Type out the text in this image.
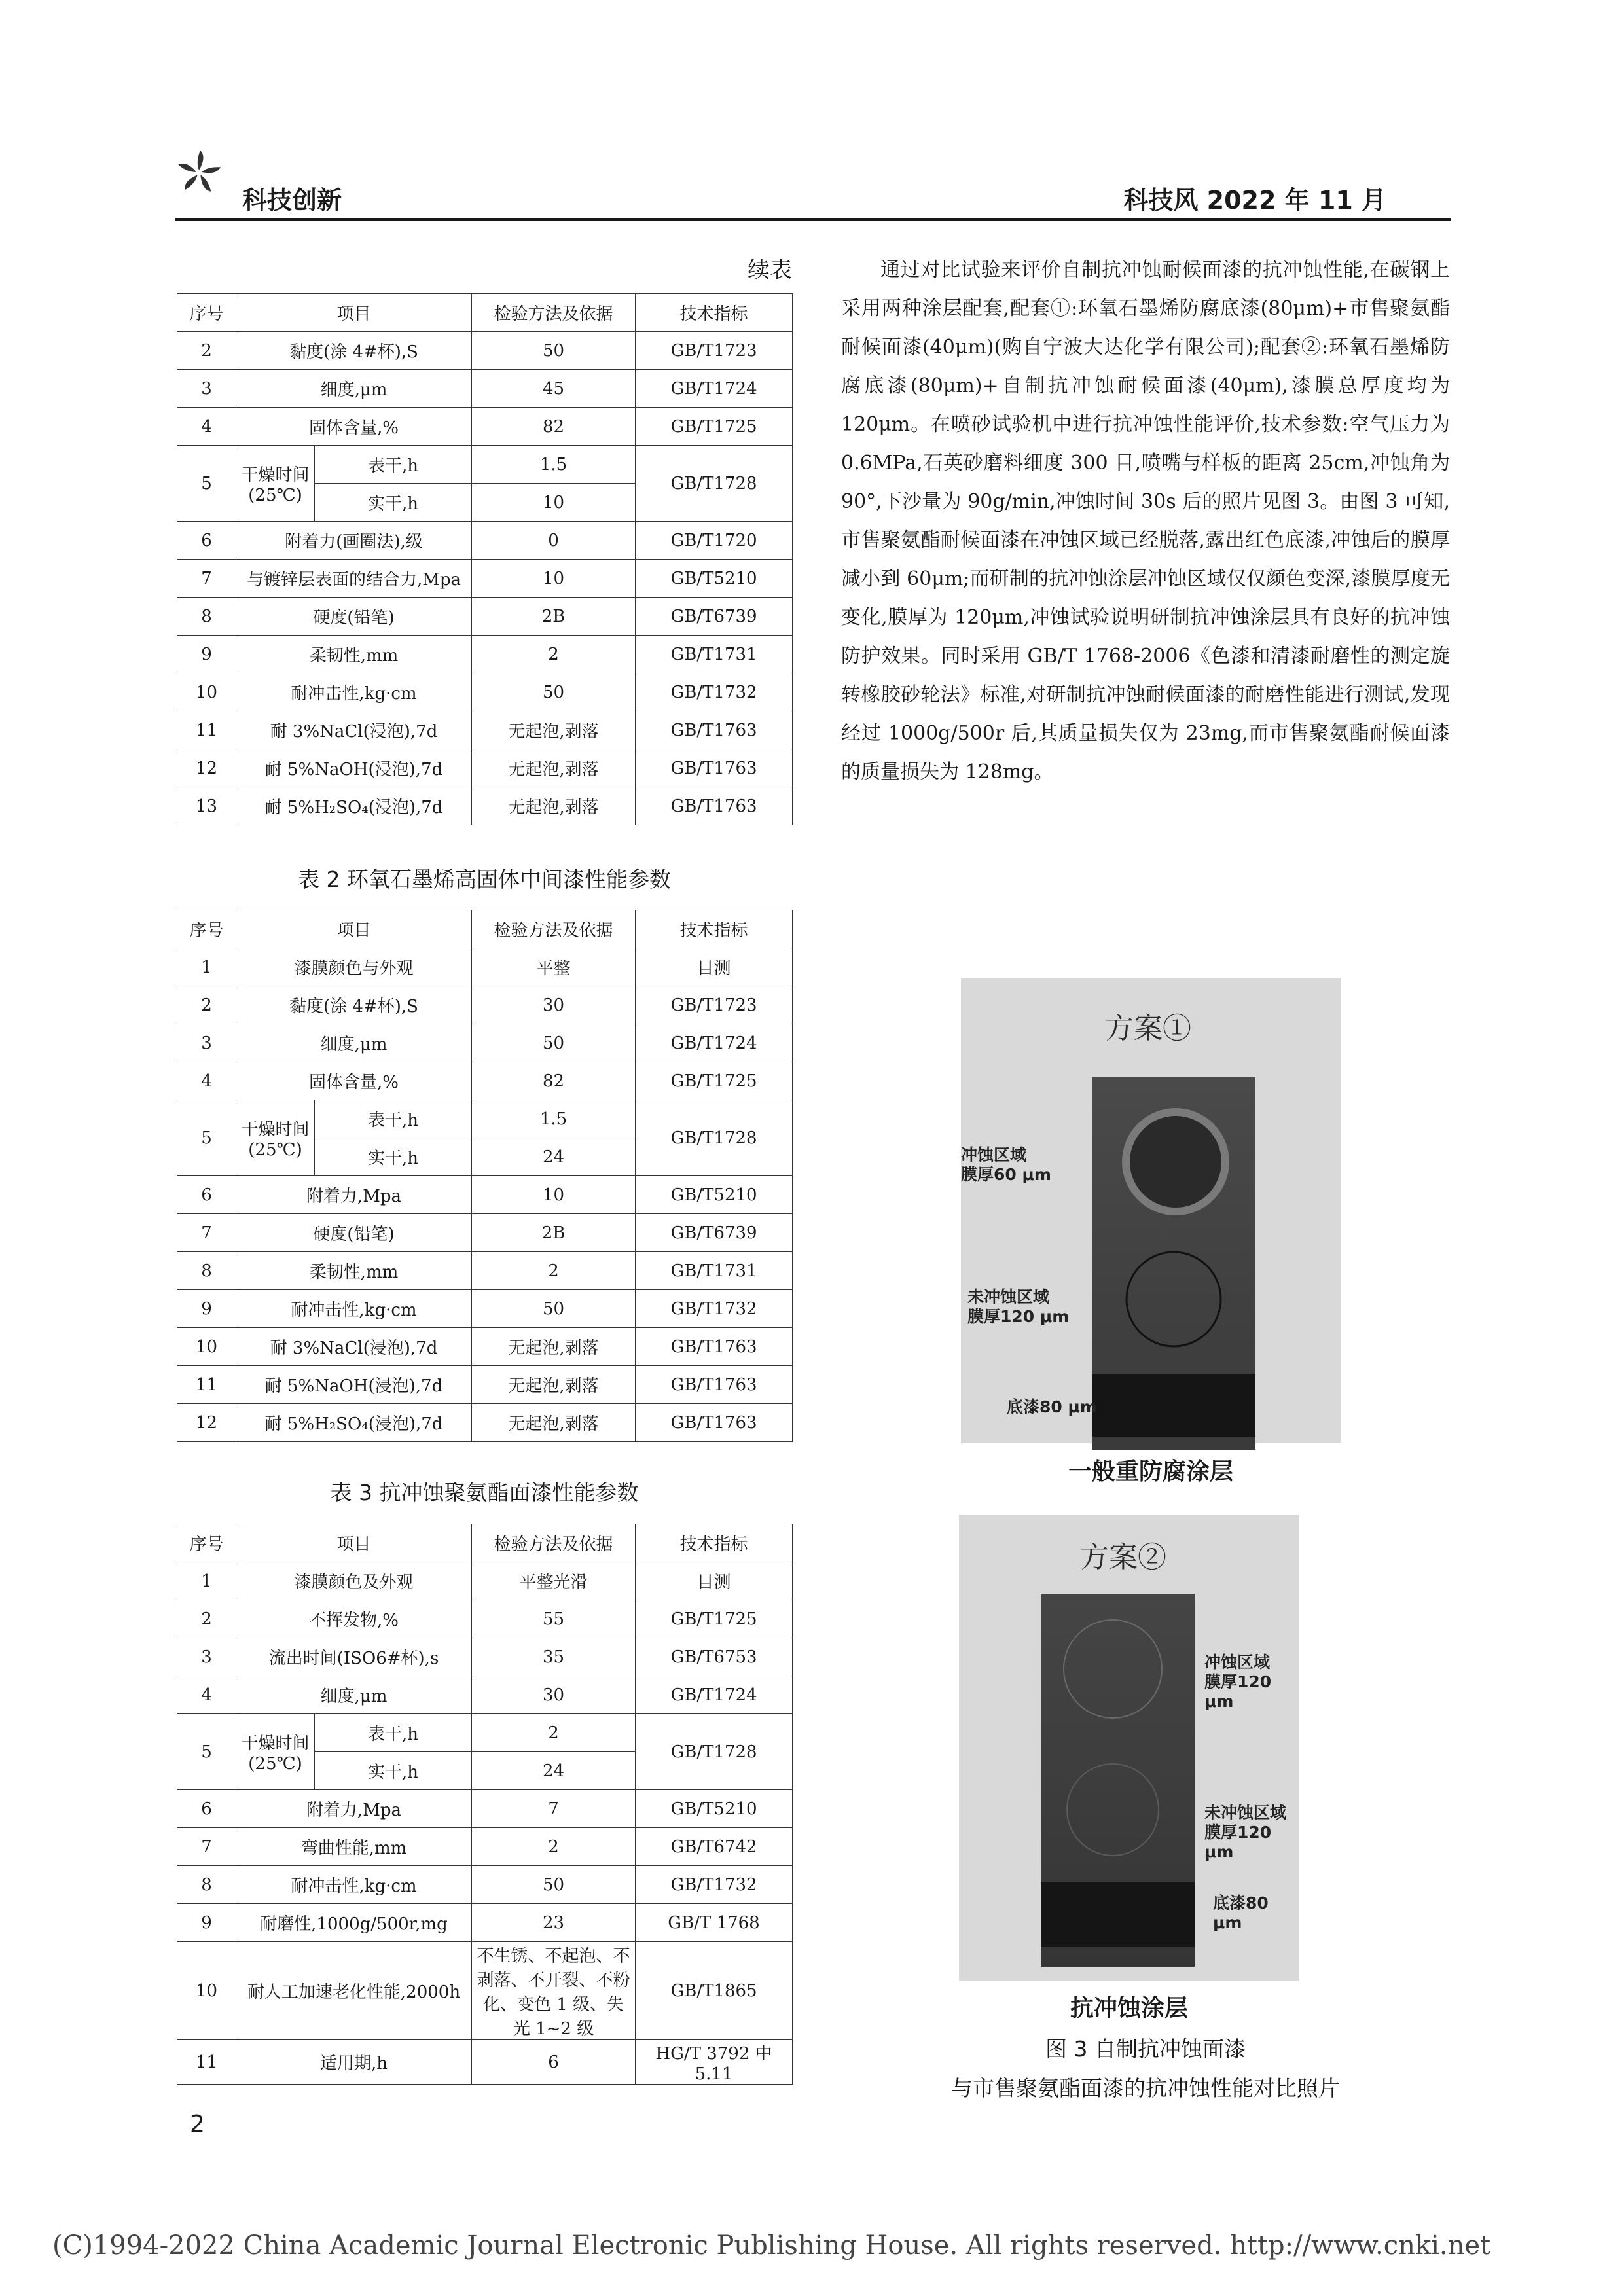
科技创新	科技风 2022 年 11 月
续表
序号	项目		检验方法及依据	技术指标
2	黏度(涂 4#杯),S		50	GB/T1723
3	细度,μm		45	GB/T1724
4	固体含量,%		82	GB/T1725
5	干燥时间(25℃)	表干,h	1.5	GB/T1728
		实干,h	10	
6	附着力(画圈法),级		0	GB/T1720
7	与镀锌层表面的结合力,Mpa		10	GB/T5210
8	硬度(铅笔)		2B	GB/T6739
9	柔韧性,mm		2	GB/T1731
10	耐冲击性,kg·cm		50	GB/T1732
11	耐 3%NaCl(浸泡),7d		无起泡,剥落	GB/T1763
12	耐 5%NaOH(浸泡),7d		无起泡,剥落	GB/T1763
13	耐 5%H₂SO₄(浸泡),7d		无起泡,剥落	GB/T1763
表 2 环氧石墨烯高固体中间漆性能参数
序号	项目		检验方法及依据	技术指标
1	漆膜颜色与外观		平整	目测
2	黏度(涂 4#杯),S		30	GB/T1723
3	细度,μm		50	GB/T1724
4	固体含量,%		82	GB/T1725
5	干燥时间(25℃)	表干,h	1.5	GB/T1728
		实干,h	24	
6	附着力,Mpa		10	GB/T5210
7	硬度(铅笔)		2B	GB/T6739
8	柔韧性,mm		2	GB/T1731
9	耐冲击性,kg·cm		50	GB/T1732
10	耐 3%NaCl(浸泡),7d		无起泡,剥落	GB/T1763
11	耐 5%NaOH(浸泡),7d		无起泡,剥落	GB/T1763
12	耐 5%H₂SO₄(浸泡),7d		无起泡,剥落	GB/T1763
表 3 抗冲蚀聚氨酯面漆性能参数
序号	项目		检验方法及依据	技术指标
1	漆膜颜色及外观		平整光滑	目测
2	不挥发物,%		55	GB/T1725
3	流出时间(ISO6#杯),s		35	GB/T6753
4	细度,μm		30	GB/T1724
5	干燥时间(25℃)	表干,h	2	GB/T1728
		实干,h	24	
6	附着力,Mpa		7	GB/T5210
7	弯曲性能,mm		2	GB/T6742
8	耐冲击性,kg·cm		50	GB/T1732
9	耐磨性,1000g/500r,mg		23	GB/T 1768
10	耐人工加速老化性能,2000h		不生锈、不起泡、不剥落、不开裂、不粉化、变色 1 级、失光 1~2 级	GB/T1865
11	适用期,h		6	HG/T 3792 中 5.11
通过对比试验来评价自制抗冲蚀耐候面漆的抗冲蚀性能,在碳钢上采用两种涂层配套,配套①:环氧石墨烯防腐底漆(80μm)+市售聚氨酯耐候面漆(40μm)(购自宁波大达化学有限公司);配套②:环氧石墨烯防腐底漆(80μm)+自制抗冲蚀耐候面漆(40μm),漆膜总厚度均为 120μm。在喷砂试验机中进行抗冲蚀性能评价,技术参数:空气压力为 0.6MPa,石英砂磨料细度 300 目,喷嘴与样板的距离 25cm,冲蚀角为 90°,下沙量为 90g/min,冲蚀时间 30s 后的照片见图 3。由图 3 可知,市售聚氨酯耐候面漆在冲蚀区域已经脱落,露出红色底漆,冲蚀后的膜厚减小到 60μm;而研制的抗冲蚀涂层冲蚀区域仅仅颜色变深,漆膜厚度无变化,膜厚为 120μm,冲蚀试验说明研制抗冲蚀涂层具有良好的抗冲蚀防护效果。同时采用 GB/T 1768-2006《色漆和清漆耐磨性的测定旋转橡胶砂轮法》标准,对研制抗冲蚀耐候面漆的耐磨性能进行测试,发现经过 1000g/500r 后,其质量损失仅为 23mg,而市售聚氨酯耐候面漆的质量损失为 128mg。
方案①
冲蚀区域
膜厚60 μm
未冲蚀区域
膜厚120 μm
底漆80 μm
一般重防腐涂层
方案②
冲蚀区域
膜厚120 μm
未冲蚀区域
膜厚120 μm
底漆80 μm
抗冲蚀涂层
图 3 自制抗冲蚀面漆
与市售聚氨酯面漆的抗冲蚀性能对比照片
2
(C)1994-2022 China Academic Journal Electronic Publishing House. All rights reserved. http://www.cnki.net
